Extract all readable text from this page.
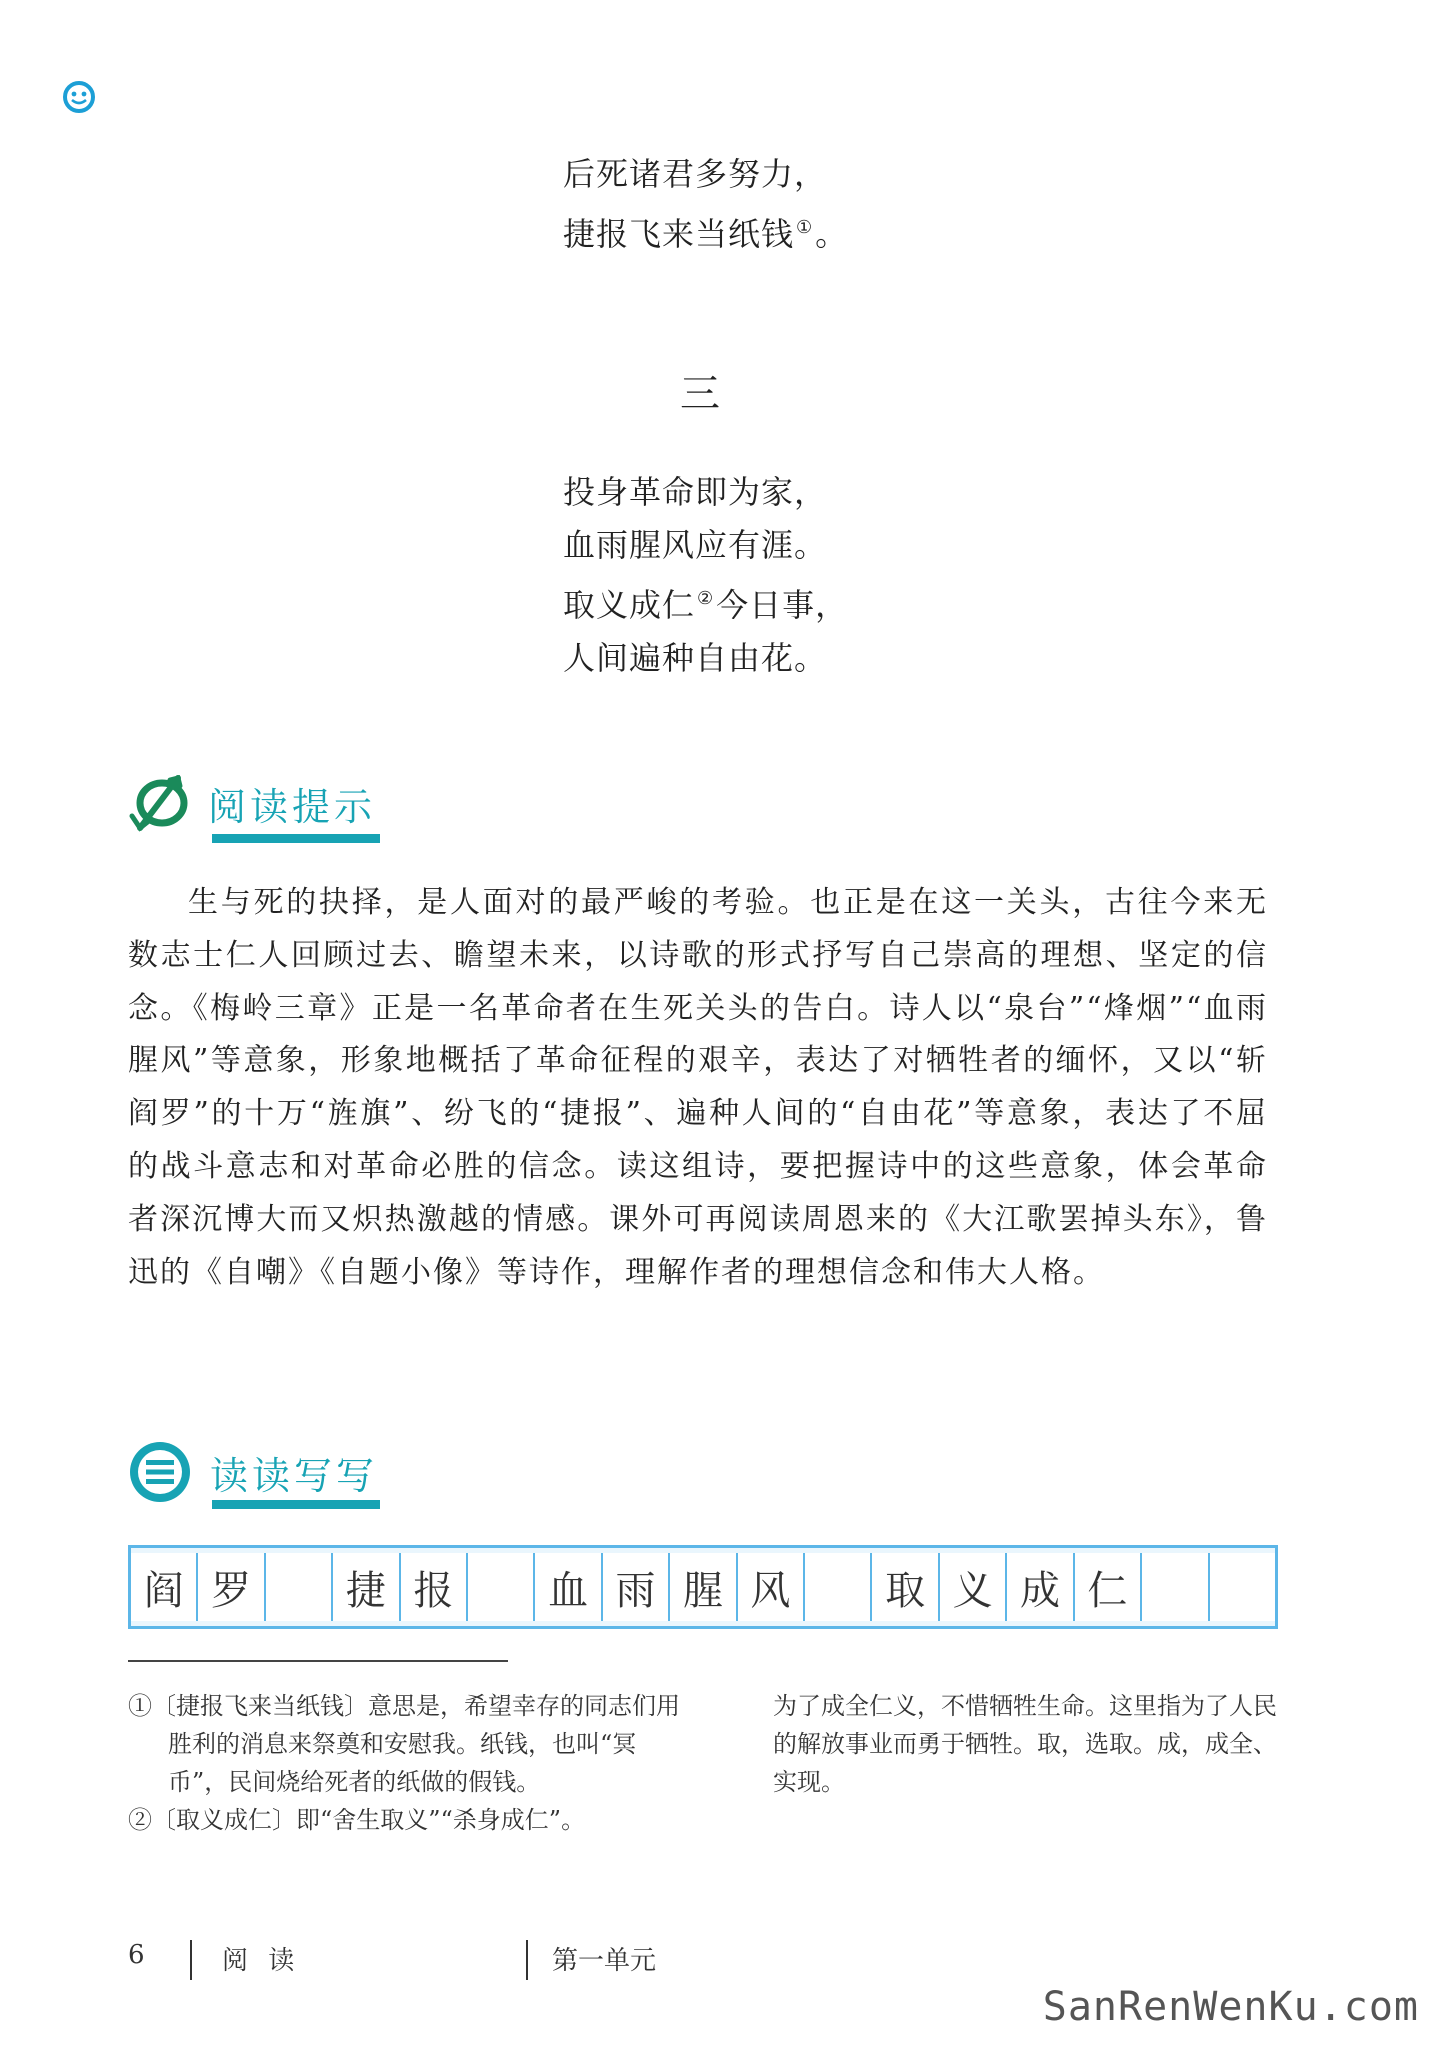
后死诸君多努力，
捷报飞来当纸钱 ①。
三
投身革命即为家，
血雨腥风应有涯。
取义成仁 ②今日事，
人间遍种自由花。
阅读提示

生与死的抉择，是人面对的最严峻的考验。也正是在这一关头，古往今来无数志士仁人回顾过去、瞻望未来，以诗歌的形式抒写自己崇高的理想、坚定的信念。《梅岭三章》正是一名革命者在生死关头的告白。诗人以“泉台”“烽烟”“血雨腥风”等意象，形象地概括了革命征程的艰辛，表达了对牺牲者的缅怀，又以“斩阎罗”的十万“旌旗”、纷飞的“捷报”、遍种人间的“自由花”等意象，表达了不屈的战斗意志和对革命必胜的信念。读这组诗，要把握诗中的这些意象，体会革命者深沉博大而又炽热激越的情感。课外可再阅读周恩来的《大江歌罢掉头东》，鲁迅的《自嘲》《自题小像》等诗作，理解作者的理想信念和伟大人格。

读读写写
阎 罗	捷 报	血 雨 腥 风	取 义 成 仁

①〔捷报飞来当纸钱〕意思是，希望幸存的同志们用胜利的消息来祭奠和安慰我。纸钱，也叫“冥币”，民间烧给死者的纸做的假钱。

②〔取义成仁〕即“舍生取义”“杀身成仁”。

为了成全仁义，不惜牺牲生命。这里指为了人民的解放事业而勇于牺牲。取，选取。成，成全、实现。

6	阅 读	第一单元
SanRenWenKu.com
